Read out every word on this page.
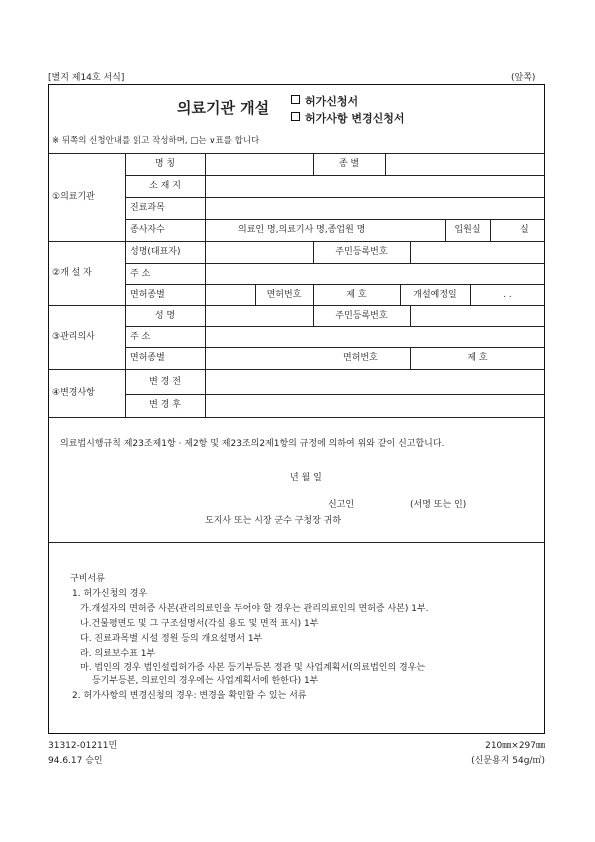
[별지 제14호 서식]	(앞쪽)
의료기관 개설	허가신청서
허가사항 변경신청서
※ 뒤쪽의 신청안내를 읽고 작성하며, □는 ∨표를 합니다
①의료기관
명 칭	종 별
소 재 지
진료과목
종사자수	의료인 명,의료기사 명,종업원 명	입원실	실
②개 설 자
성명(대표자)	주민등록번호
주 소
면허종별	면허번호	제 호	개설예정일	. .
③관리의사
성 명	주민등록번호
주 소
면허종별	면허번호	제 호
④변경사항
변 경 전
변 경 후
의료법시행규칙 제23조제1항 · 제2항 및 제23조의2제1항의 규정에 의하여 위와 같이 신고합니다.
년 월 일
신고인	(서명 또는 인)
도지사 또는 시장 군수 구청장 귀하
구비서류
1. 허가신청의 경우
가.개설자의 면허증 사본(관리의료인을 두어야 할 경우는 관리의료인의 면허증 사본) 1부.
나.건물평면도 및 그 구조설명서(각실 용도 및 면적 표시) 1부
다. 진료과목별 시설 정원 등의 개요설명서 1부
라. 의료보수표 1부
마. 법인의 경우 법인설립허가증 사본 등기부등본 정관 및 사업계획서(의료법인의 경우는
등기부등본, 의료인의 경우에는 사업계획서에 한한다) 1부
2. 허가사항의 변경신청의 경우: 변경을 확인할 수 있는 서류
31312-01211민
94.6.17 승인
210㎜×297㎜
(신문용지 54g/㎡)
